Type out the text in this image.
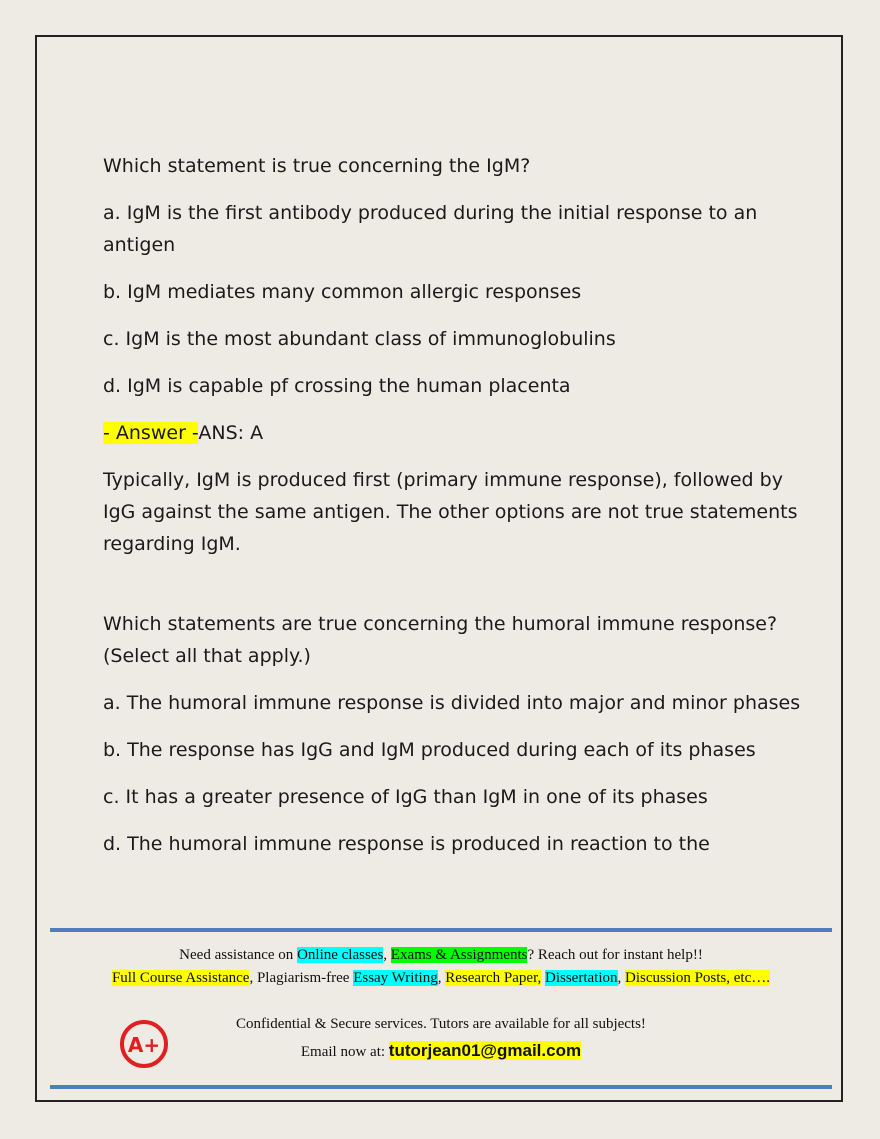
Which statement is true concerning the IgM?

a. IgM is the first antibody produced during the initial response to an antigen

b. IgM mediates many common allergic responses

c. IgM is the most abundant class of immunoglobulins

d. IgM is capable pf crossing the human placenta

- Answer -ANS: A

Typically, IgM is produced first (primary immune response), followed by IgG against the same antigen. The other options are not true statements regarding IgM.

Which statements are true concerning the humoral immune response? (Select all that apply.)

a. The humoral immune response is divided into major and minor phases

b. The response has IgG and IgM produced during each of its phases

c. It has a greater presence of IgG than IgM in one of its phases

d. The humoral immune response is produced in reaction to the

Need assistance on Online classes, Exams & Assignments? Reach out for instant help!!
Full Course Assistance, Plagiarism-free Essay Writing, Research Paper, Dissertation, Discussion Posts, etc….
A+
Confidential & Secure services. Tutors are available for all subjects!
Email now at: tutorjean01@gmail.com
